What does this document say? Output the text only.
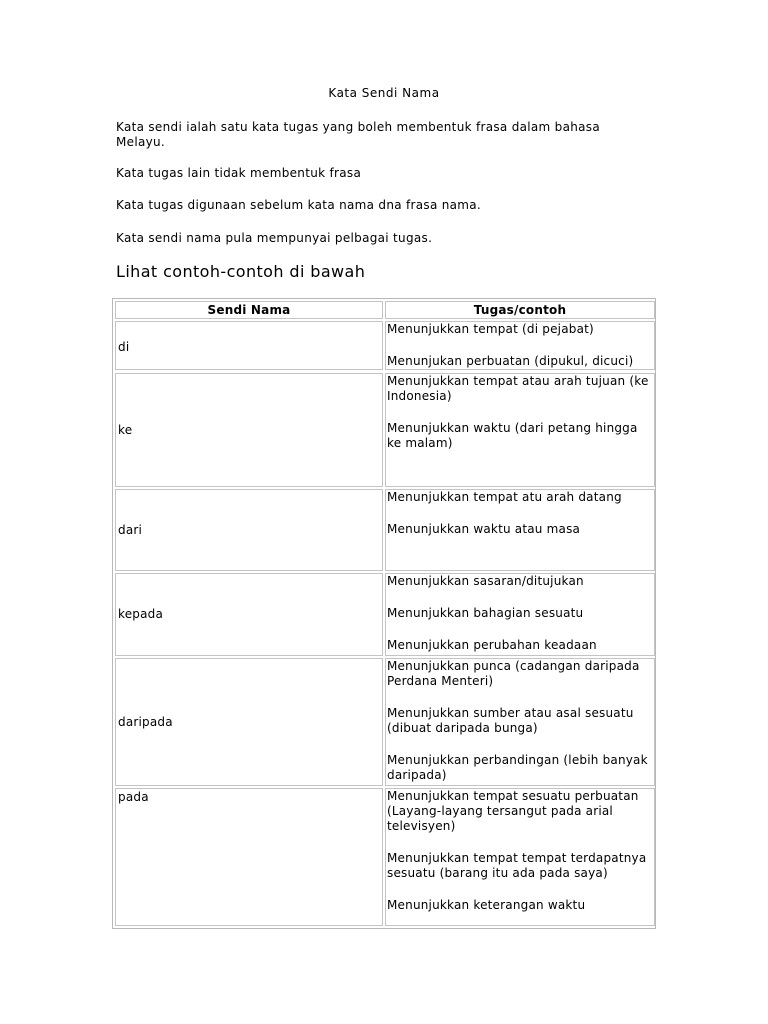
Kata Sendi Nama
Kata sendi ialah satu kata tugas yang boleh membentuk frasa dalam bahasa Melayu.
Kata tugas lain tidak membentuk frasa
Kata tugas digunaan sebelum kata nama dna frasa nama.
Kata sendi nama pula mempunyai pelbagai tugas.
Lihat contoh-contoh di bawah
Sendi Nama	Tugas/contoh
di
Menunjukkan tempat (di pejabat)
Menunjukan perbuatan (dipukul, dicuci)
ke
Menunjukkan tempat atau arah tujuan (ke Indonesia)
Menunjukkan waktu (dari petang hingga ke malam)
dari
Menunjukkan tempat atu arah datang
Menunjukkan waktu atau masa
kepada
Menunjukkan sasaran/ditujukan
Menunjukkan bahagian sesuatu
Menunjukkan perubahan keadaan
daripada
Menunjukkan punca (cadangan daripada Perdana Menteri)
Menunjukkan sumber atau asal sesuatu (dibuat daripada bunga)
Menunjukkan perbandingan (lebih banyak daripada)
pada	Menunjukkan tempat sesuatu perbuatan (Layang-layang tersangut pada arial televisyen)
Menunjukkan tempat tempat terdapatnya sesuatu (barang itu ada pada saya)
Menunjukkan keterangan waktu
